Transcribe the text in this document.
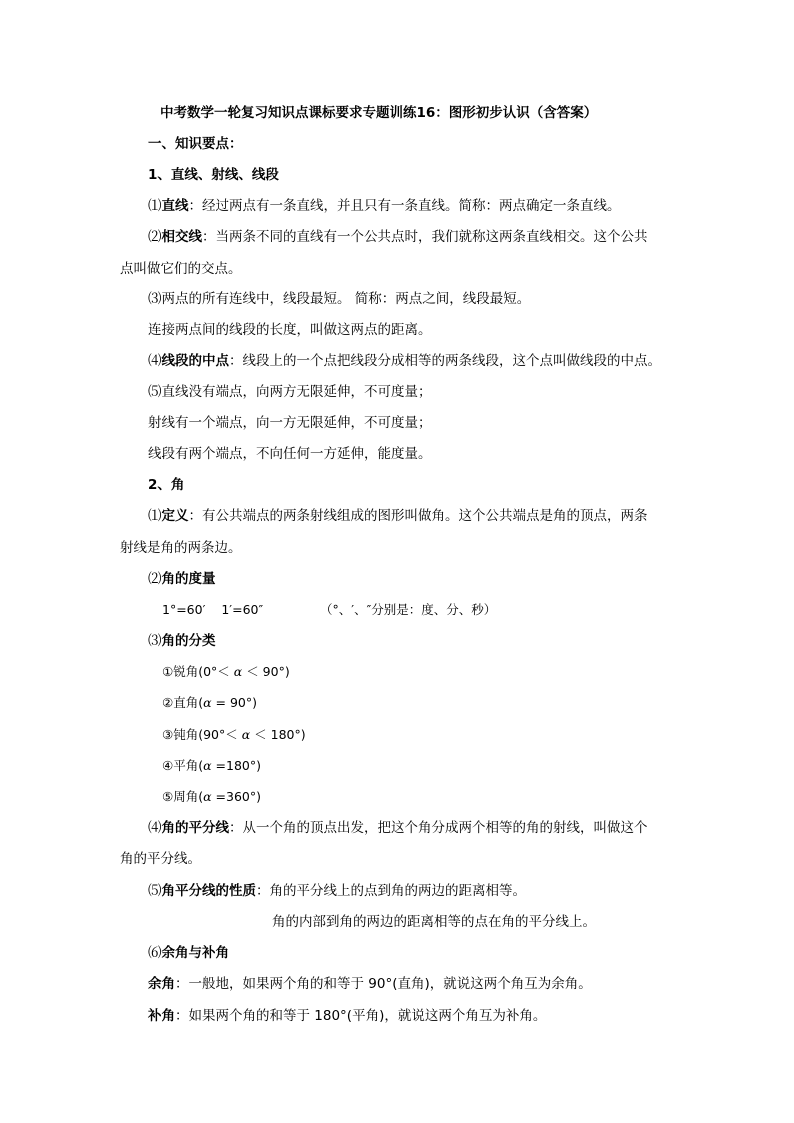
中考数学一轮复习知识点课标要求专题训练16：图形初步认识（含答案）
一、知识要点：
1、直线、射线、线段
⑴直线：经过两点有一条直线，并且只有一条直线。简称：两点确定一条直线。
⑵相交线：当两条不同的直线有一个公共点时，我们就称这两条直线相交。这个公共
点叫做它们的交点。
⑶两点的所有连线中，线段最短。 简称：两点之间，线段最短。
连接两点间的线段的长度，叫做这两点的距离。
⑷线段的中点：线段上的一个点把线段分成相等的两条线段，这个点叫做线段的中点。
⑸直线没有端点，向两方无限延伸，不可度量；
射线有一个端点，向一方无限延伸，不可度量；
线段有两个端点，不向任何一方延伸，能度量。
2、角
⑴定义：有公共端点的两条射线组成的图形叫做角。这个公共端点是角的顶点，两条
射线是角的两条边。
⑵角的度量
1°=60′    1′=60″	（°、′、″分别是：度、分、秒）
⑶角的分类
①锐角(0°＜ α ＜ 90°)
②直角(α = 90°)
③钝角(90°＜ α ＜ 180°)
④平角(α =180°)
⑤周角(α =360°)
⑷角的平分线：从一个角的顶点出发，把这个角分成两个相等的角的射线，叫做这个
角的平分线。
⑸角平分线的性质：角的平分线上的点到角的两边的距离相等。
角的内部到角的两边的距离相等的点在角的平分线上。
⑹余角与补角
余角：一般地，如果两个角的和等于 90°(直角)，就说这两个角互为余角。
补角：如果两个角的和等于 180°(平角)，就说这两个角互为补角。
